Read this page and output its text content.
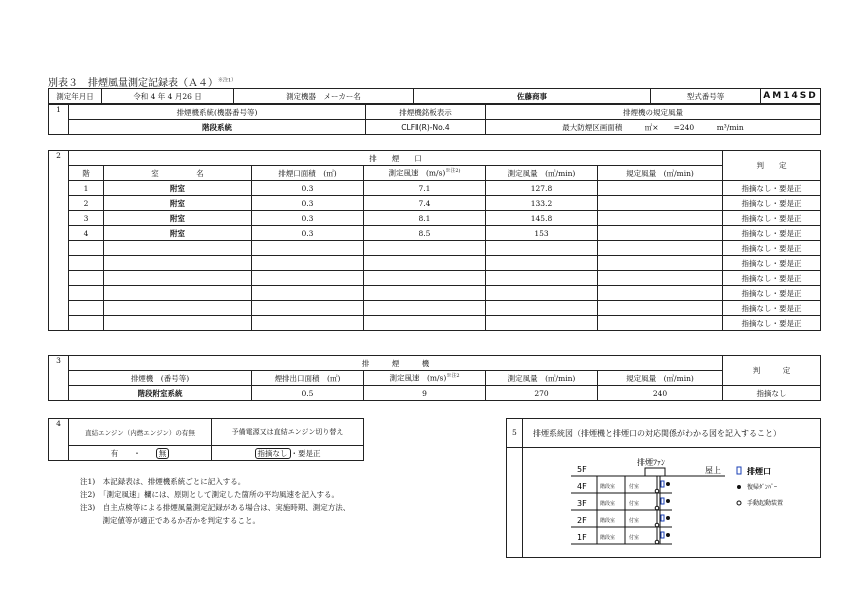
別表３　排煙風量測定記録表（Ａ４）$^{※注1)}$
測定年月日	令和 4 年 4 月26 日	測定機器　メーカー名	佐藤商事	型式番号等	AM14SD
1	排煙機系統(機器番号等)	排煙機銘板表示	排煙機の規定風量
	階段系統	CLFⅡ(R)-No.4	最大防煙区画面積　　　㎡×　　=240　　　 m³/min
2	排　　煙　　口						判　　定
	階	室　　　　　名	排煙口面積　(㎡)	測定風速　$(m/s)^{※注2)}$	測定風量　(㎥/min)	規定風量　(㎥/min)	
	1	附室	0.3	7.1	127.8		指摘なし・要是正
	2	附室	0.3	7.4	133.2		指摘なし・要是正
	3	附室	0.3	8.1	145.8		指摘なし・要是正
	4	附室	0.3	8.5	153		指摘なし・要是正
							指摘なし・要是正
							指摘なし・要是正
							指摘なし・要是正
							指摘なし・要是正
							指摘なし・要是正
							指摘なし・要是正
3	排　　　煙　　　機					判　　　定
	排煙機　(番号等)	煙排出口面積　(㎡)	測定風速　$(m/s)^{※注2}$	測定風量　(㎥/min)	規定風量　(㎥/min)	
	階段附室系統	0.5	9	270	240	指摘なし
4	直結エンジン（内燃エンジン）の有無	予備電源又は直結エンジン切り替え
	有　　 ・　　 無	指摘なし ・要是正
注1)　本記録表は、排煙機系統ごとに記入する。
注2)　「測定風速」欄には、原則として測定した箇所の平均風速を記入する。
注3)　自主点検等による排煙風量測定記録がある場合は、実施時期、測定方法、
　　　測定値等が適正であるか否かを判定すること。
5 排煙系統図（排煙機と排煙口の対応関係がわかる図を記入すること）
排煙ﾌｧﾝ
屋上
5F
4F
3F
2F
1F
階段室
階段室
階段室
階段室
付室
付室
付室
付室
排煙口
復帰ﾀﾞﾝﾊﾟｰ
手動起動装置
